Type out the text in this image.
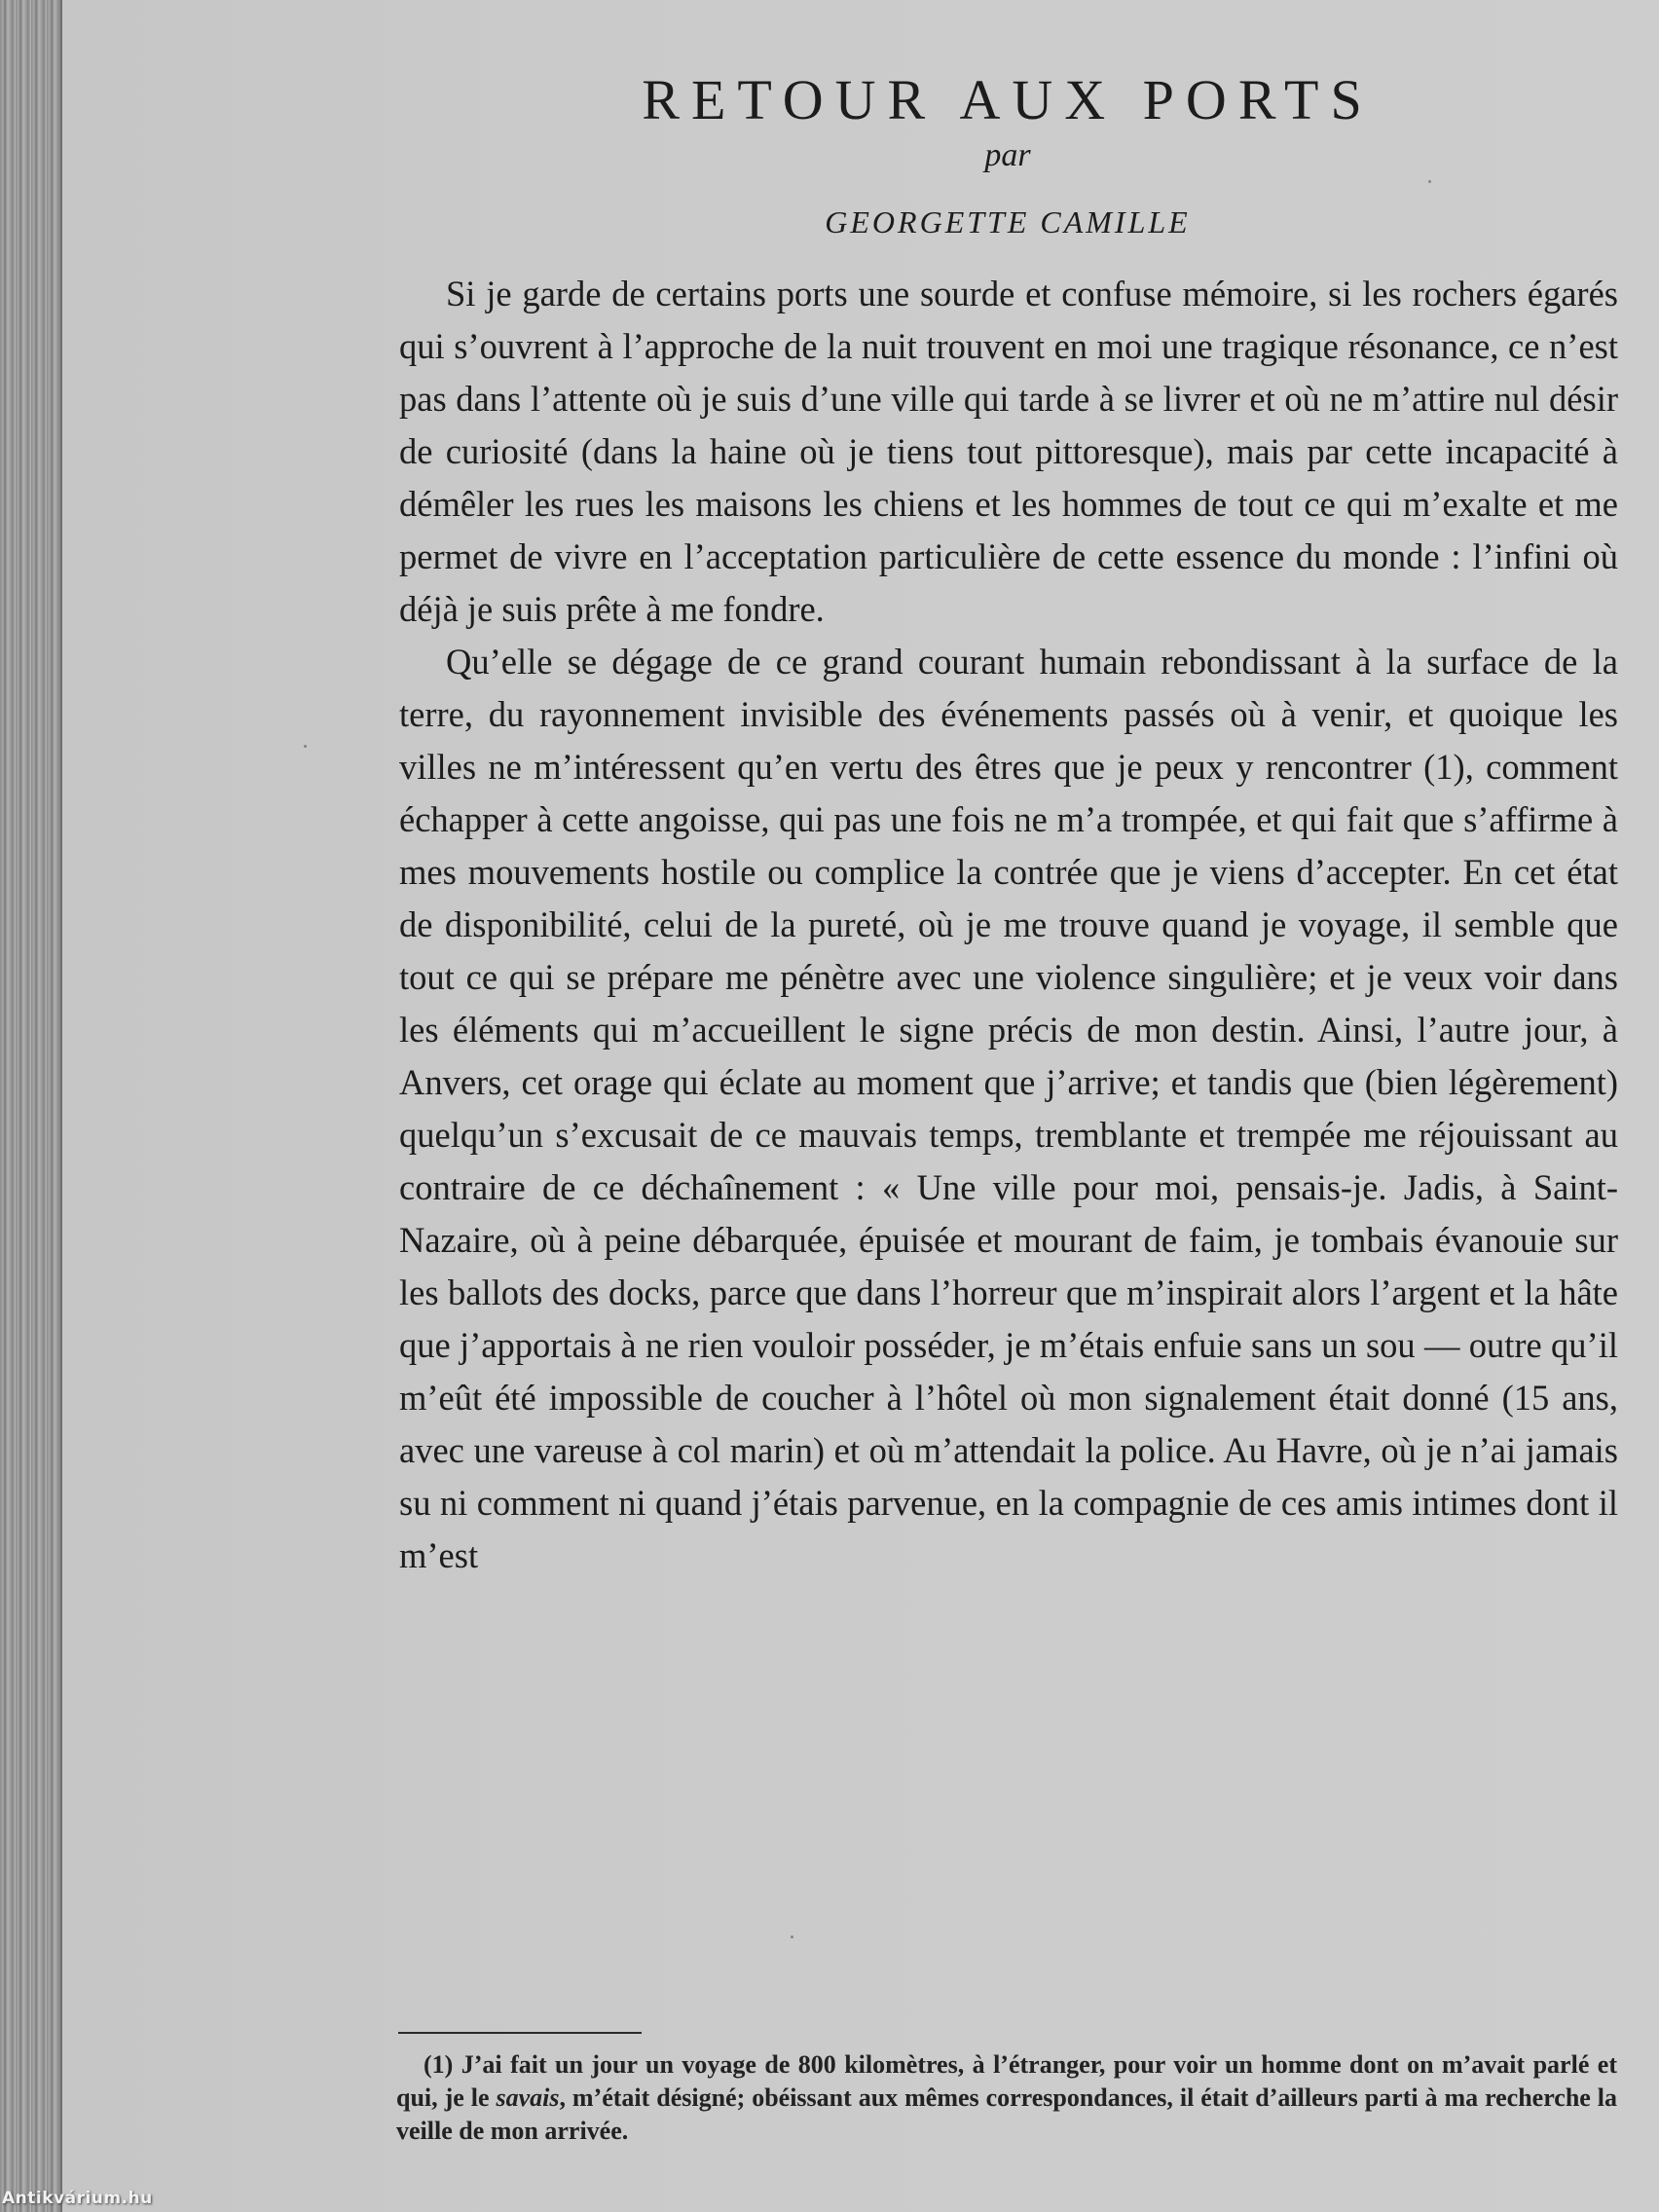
RETOUR AUX PORTS
par
GEORGETTE CAMILLE

Si je garde de certains ports une sourde et confuse mémoire, si les rochers égarés qui s’ouvrent à l’approche de la nuit trouvent en moi une tragique résonance, ce n’est pas dans l’attente où je suis d’une ville qui tarde à se livrer et où ne m’attire nul désir de curiosité (dans la haine où je tiens tout pittoresque), mais par cette incapacité à démêler les rues les maisons les chiens et les hommes de tout ce qui m’exalte et me permet de vivre en l’acceptation particulière de cette essence du monde : l’infini où déjà je suis prête à me fondre.

Qu’elle se dégage de ce grand courant humain rebondissant à la surface de la terre, du rayonnement invisible des événements passés où à venir, et quoique les villes ne m’intéressent qu’en vertu des êtres que je peux y rencontrer (1), comment échapper à cette angoisse, qui pas une fois ne m’a trompée, et qui fait que s’affirme à mes mouvements hostile ou complice la contrée que je viens d’accepter. En cet état de disponibilité, celui de la pureté, où je me trouve quand je voyage, il semble que tout ce qui se prépare me pénètre avec une violence singulière; et je veux voir dans les éléments qui m’accueillent le signe précis de mon destin. Ainsi, l’autre jour, à Anvers, cet orage qui éclate au moment que j’arrive; et tandis que (bien légèrement) quelqu’un s’excusait de ce mauvais temps, tremblante et trempée me réjouissant au contraire de ce déchaînement : « Une ville pour moi, pensais-je. Jadis, à Saint-Nazaire, où à peine débarquée, épuisée et mourant de faim, je tombais évanouie sur les ballots des docks, parce que dans l’horreur que m’inspirait alors l’argent et la hâte que j’apportais à ne rien vouloir posséder, je m’étais enfuie sans un sou — outre qu’il m’eût été impossible de coucher à l’hôtel où mon signalement était donné (15 ans, avec une vareuse à col marin) et où m’attendait la police. Au Havre, où je n’ai jamais su ni comment ni quand j’étais parvenue, en la compagnie de ces amis intimes dont il m’est

(1) J’ai fait un jour un voyage de 800 kilomètres, à l’étranger, pour voir un homme dont on m’avait parlé et qui, je le savais, m’était désigné; obéissant aux mêmes correspondances, il était d’ailleurs parti à ma recherche la veille de mon arrivée.

Antikvárium.hu
